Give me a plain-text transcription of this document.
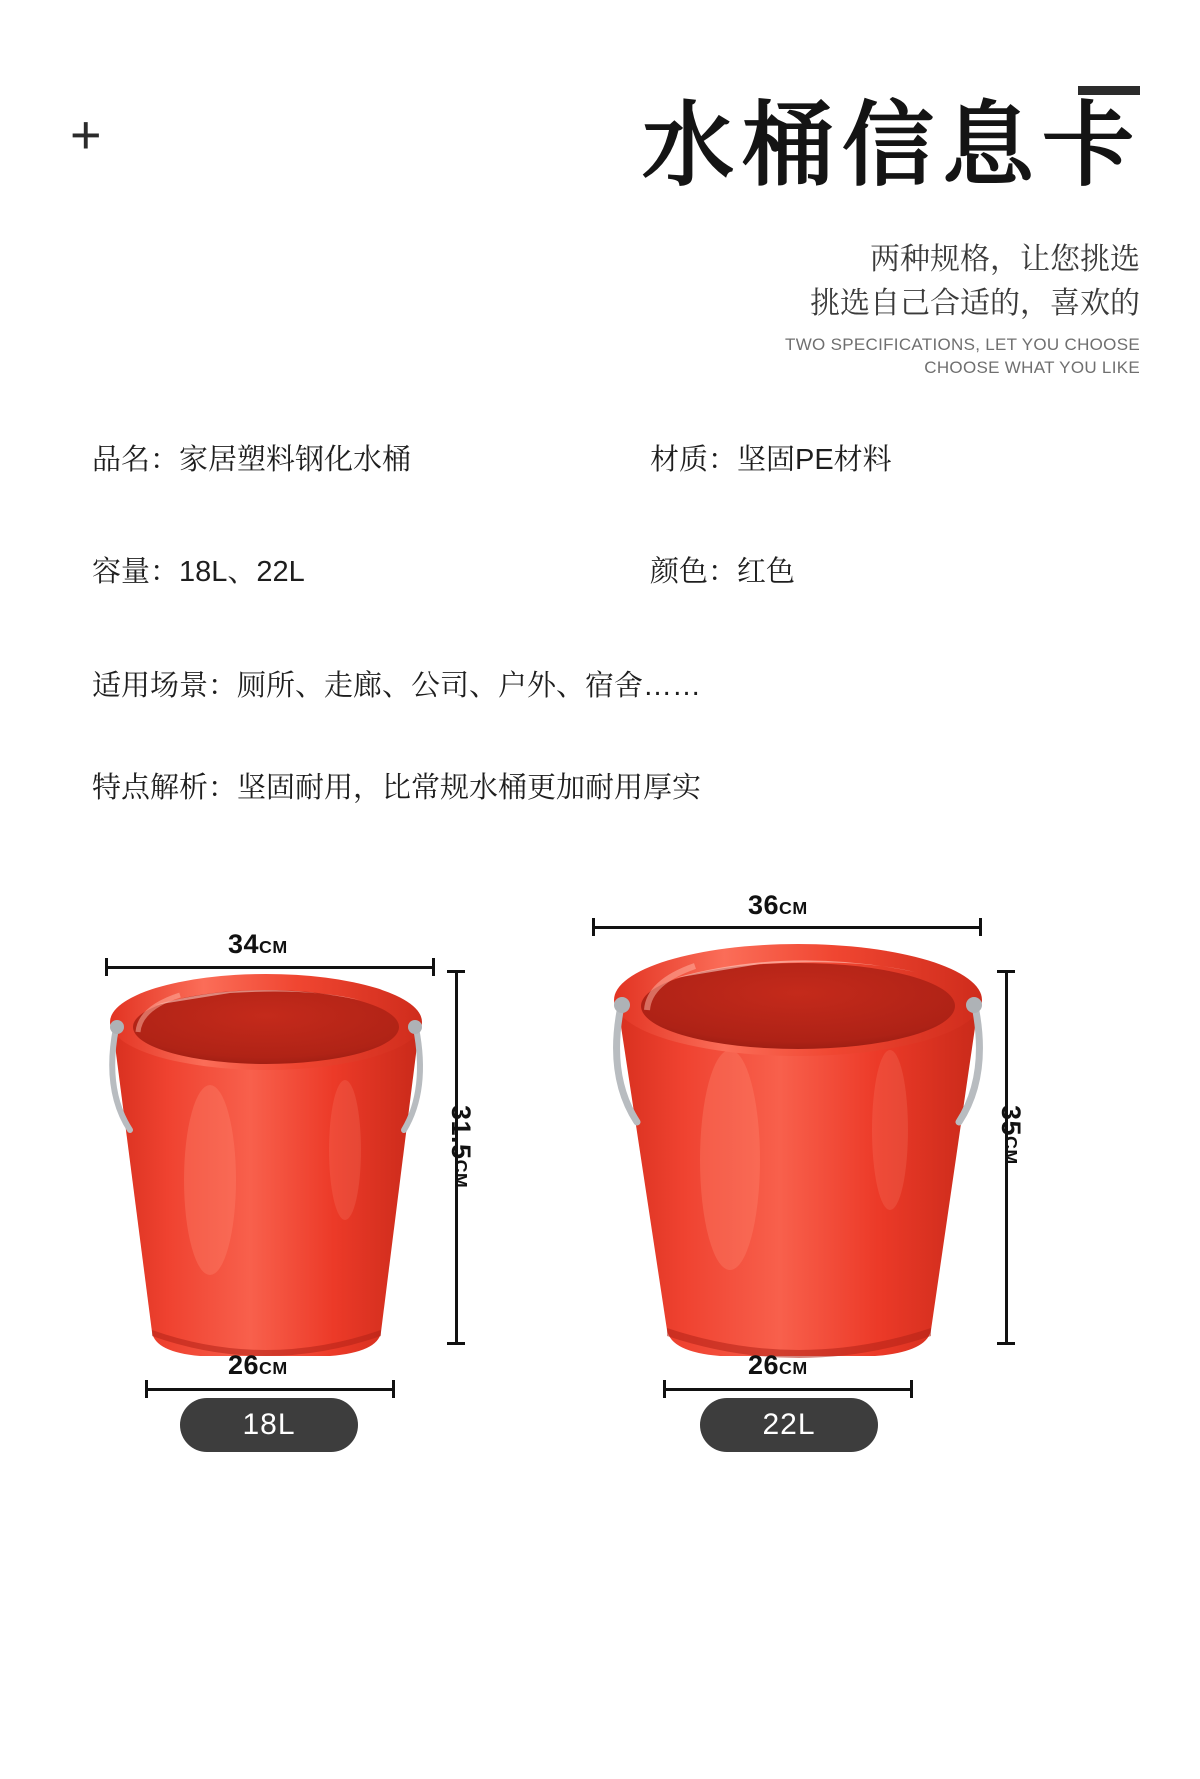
+	水桶信息卡
两种规格，让您挑选
挑选自己合适的，喜欢的
TWO SPECIFICATIONS, LET YOU CHOOSE
CHOOSE WHAT YOU LIKE
品名：家居塑料钢化水桶	材质：坚固PE材料
容量：18L、22L	颜色：红色
适用场景：厕所、走廊、公司、户外、宿舍……
特点解析：坚固耐用，比常规水桶更加耐用厚实
34CM
31.5CM
26CM
18L
36CM
35CM
26CM
22L
